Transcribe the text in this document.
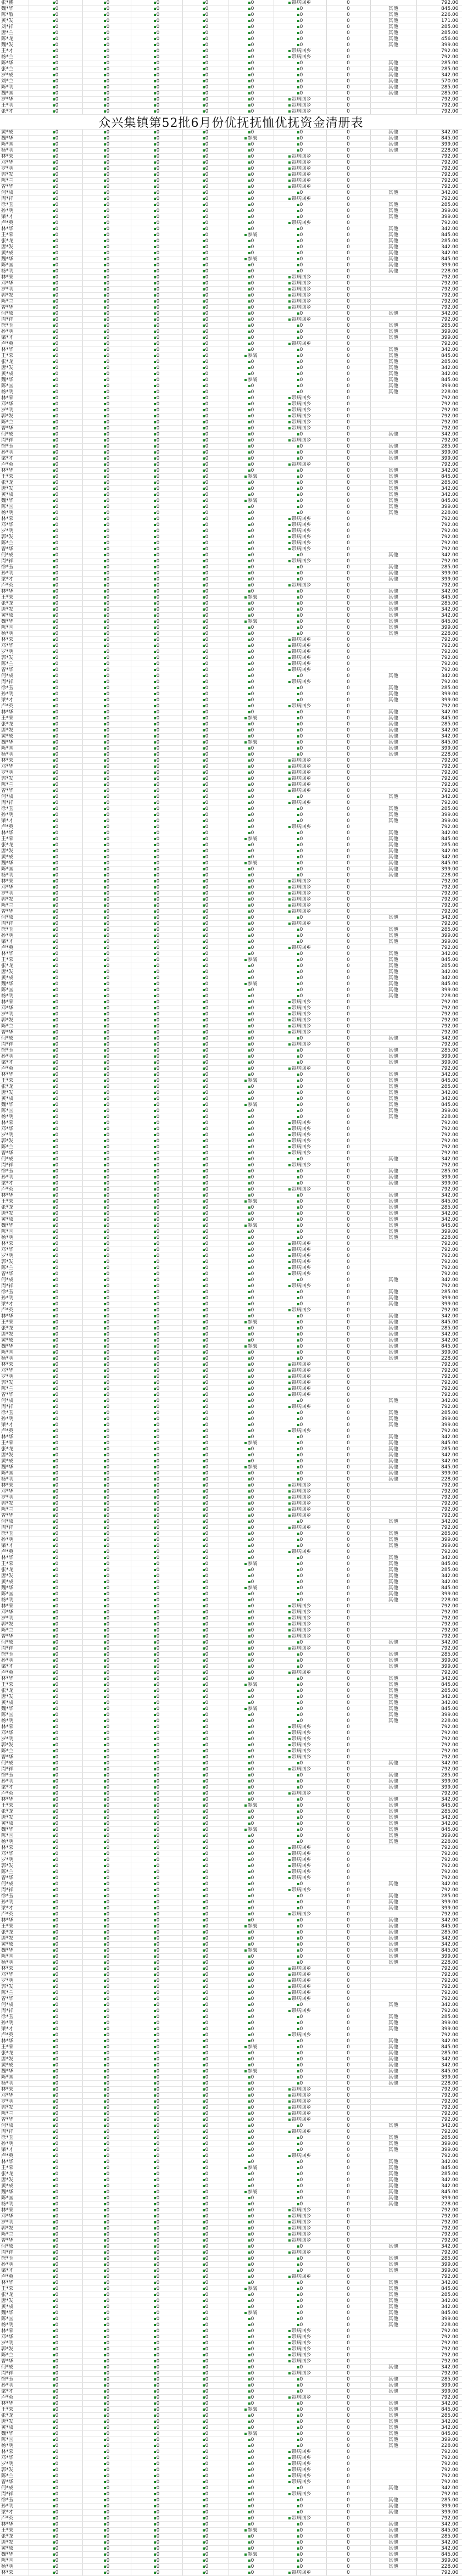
张*鹏	0	0	0	0	0	带病回乡	0		792.00
魏*华	0	0	0	0	0	0	0	其他	845.00
陈*敏	0	0	0	0	0	0	0	其他	226.00
黄*发	0	0	0	0	0	0	0	其他	171.00
刘*祥	0	0	0	0	0	0	0	其他	285.00
唐*兰	0	0	0	0	0	0	0	其他	285.00
陈*龙	0	0	0	0	0	0	0	其他	456.00
魏*发	0	0	0	0	0	0	0	其他	399.00
王*才	0	0	0	0	0	带病回乡	0		792.00
杨*兰	0	0	0	0	0	带病回乡	0		792.00
陈*华	0	0	0	0	0	0	0	其他	285.00
张*兰	0	0	0	0	0	0	0	其他	285.00
罗*成	0	0	0	0	0	0	0	其他	342.00
刘*兰	0	0	0	0	0	0	0	其他	570.00
陈*明	0	0	0	0	0	0	0	其他	285.00
魏*国	0	0	0	0	0	0	0	其他	285.00
罗*华	0	0	0	0	0	带病回乡	0		792.00
王*明	0	0	0	0	0	带病回乡	0		792.00
张*才	0	0	0	0	0	带病回乡	0		792.00
众兴集镇第52批6月份优抚抚恤优抚资金清册表
黄*成	0	0	0	0	0	0	0	其他	342.00
魏*华	0	0	0	0	参战	0	0	其他	845.00
陈*国	0	0	0	0	0	0	0	其他	399.00
杨*明	0	0	0	0	0	0	0	其他	228.00
林*荣	0	0	0	0	0	带病回乡	0		792.00
邓*华	0	0	0	0	0	带病回乡	0		792.00
罗*明	0	0	0	0	0	带病回乡	0		792.00
郭*发	0	0	0	0	0	带病回乡	0		792.00
陈*兰	0	0	0	0	0	带病回乡	0		792.00
曾*华	0	0	0	0	0	带病回乡	0		792.00
何*成	0	0	0	0	0	0	0	其他	342.00
周*祥	0	0	0	0	0	带病回乡	0		792.00
徐*玉	0	0	0	0	0	0	0	其他	285.00
孙*明	0	0	0	0	0	0	0	其他	399.00
梁*才	0	0	0	0	0	0	0	其他	399.00
卢*英	0	0	0	0	0	带病回乡	0		792.00
林*华	0	0	0	0	0	0	0	其他	342.00
王*荣	0	0	0	0	参战	0	0	其他	845.00
张*龙	0	0	0	0	0	0	0	其他	285.00
唐*发	0	0	0	0	0	0	0	其他	342.00
黄*成	0	0	0	0	0	0	0	其他	342.00
魏*华	0	0	0	0	参战	0	0	其他	845.00
陈*国	0	0	0	0	0	0	0	其他	399.00
杨*明	0	0	0	0	0	0	0	其他	228.00
林*荣	0	0	0	0	0	带病回乡	0		792.00
邓*华	0	0	0	0	0	带病回乡	0		792.00
罗*明	0	0	0	0	0	带病回乡	0		792.00
郭*发	0	0	0	0	0	带病回乡	0		792.00
陈*兰	0	0	0	0	0	带病回乡	0		792.00
曾*华	0	0	0	0	0	带病回乡	0		792.00
何*成	0	0	0	0	0	0	0	其他	342.00
周*祥	0	0	0	0	0	带病回乡	0		792.00
徐*玉	0	0	0	0	0	0	0	其他	285.00
孙*明	0	0	0	0	0	0	0	其他	399.00
梁*才	0	0	0	0	0	0	0	其他	399.00
卢*英	0	0	0	0	0	带病回乡	0		792.00
林*华	0	0	0	0	0	0	0	其他	342.00
王*荣	0	0	0	0	参战	0	0	其他	845.00
张*龙	0	0	0	0	0	0	0	其他	285.00
唐*发	0	0	0	0	0	0	0	其他	342.00
黄*成	0	0	0	0	0	0	0	其他	342.00
魏*华	0	0	0	0	参战	0	0	其他	845.00
陈*国	0	0	0	0	0	0	0	其他	399.00
杨*明	0	0	0	0	0	0	0	其他	228.00
林*荣	0	0	0	0	0	带病回乡	0		792.00
邓*华	0	0	0	0	0	带病回乡	0		792.00
罗*明	0	0	0	0	0	带病回乡	0		792.00
郭*发	0	0	0	0	0	带病回乡	0		792.00
陈*兰	0	0	0	0	0	带病回乡	0		792.00
曾*华	0	0	0	0	0	带病回乡	0		792.00
何*成	0	0	0	0	0	0	0	其他	342.00
周*祥	0	0	0	0	0	带病回乡	0		792.00
徐*玉	0	0	0	0	0	0	0	其他	285.00
孙*明	0	0	0	0	0	0	0	其他	399.00
梁*才	0	0	0	0	0	0	0	其他	399.00
卢*英	0	0	0	0	0	带病回乡	0		792.00
林*华	0	0	0	0	0	0	0	其他	342.00
王*荣	0	0	0	0	参战	0	0	其他	845.00
张*龙	0	0	0	0	0	0	0	其他	285.00
唐*发	0	0	0	0	0	0	0	其他	342.00
黄*成	0	0	0	0	0	0	0	其他	342.00
魏*华	0	0	0	0	参战	0	0	其他	845.00
陈*国	0	0	0	0	0	0	0	其他	399.00
杨*明	0	0	0	0	0	0	0	其他	228.00
林*荣	0	0	0	0	0	带病回乡	0		792.00
邓*华	0	0	0	0	0	带病回乡	0		792.00
罗*明	0	0	0	0	0	带病回乡	0		792.00
郭*发	0	0	0	0	0	带病回乡	0		792.00
陈*兰	0	0	0	0	0	带病回乡	0		792.00
曾*华	0	0	0	0	0	带病回乡	0		792.00
何*成	0	0	0	0	0	0	0	其他	342.00
周*祥	0	0	0	0	0	带病回乡	0		792.00
徐*玉	0	0	0	0	0	0	0	其他	285.00
孙*明	0	0	0	0	0	0	0	其他	399.00
梁*才	0	0	0	0	0	0	0	其他	399.00
卢*英	0	0	0	0	0	带病回乡	0		792.00
林*华	0	0	0	0	0	0	0	其他	342.00
王*荣	0	0	0	0	参战	0	0	其他	845.00
张*龙	0	0	0	0	0	0	0	其他	285.00
唐*发	0	0	0	0	0	0	0	其他	342.00
黄*成	0	0	0	0	0	0	0	其他	342.00
魏*华	0	0	0	0	参战	0	0	其他	845.00
陈*国	0	0	0	0	0	0	0	其他	399.00
杨*明	0	0	0	0	0	0	0	其他	228.00
林*荣	0	0	0	0	0	带病回乡	0		792.00
邓*华	0	0	0	0	0	带病回乡	0		792.00
罗*明	0	0	0	0	0	带病回乡	0		792.00
郭*发	0	0	0	0	0	带病回乡	0		792.00
陈*兰	0	0	0	0	0	带病回乡	0		792.00
曾*华	0	0	0	0	0	带病回乡	0		792.00
何*成	0	0	0	0	0	0	0	其他	342.00
周*祥	0	0	0	0	0	带病回乡	0		792.00
徐*玉	0	0	0	0	0	0	0	其他	285.00
孙*明	0	0	0	0	0	0	0	其他	399.00
梁*才	0	0	0	0	0	0	0	其他	399.00
卢*英	0	0	0	0	0	带病回乡	0		792.00
林*华	0	0	0	0	0	0	0	其他	342.00
王*荣	0	0	0	0	参战	0	0	其他	845.00
张*龙	0	0	0	0	0	0	0	其他	285.00
唐*发	0	0	0	0	0	0	0	其他	342.00
黄*成	0	0	0	0	0	0	0	其他	342.00
魏*华	0	0	0	0	参战	0	0	其他	845.00
陈*国	0	0	0	0	0	0	0	其他	399.00
杨*明	0	0	0	0	0	0	0	其他	228.00
林*荣	0	0	0	0	0	带病回乡	0		792.00
邓*华	0	0	0	0	0	带病回乡	0		792.00
罗*明	0	0	0	0	0	带病回乡	0		792.00
郭*发	0	0	0	0	0	带病回乡	0		792.00
陈*兰	0	0	0	0	0	带病回乡	0		792.00
曾*华	0	0	0	0	0	带病回乡	0		792.00
何*成	0	0	0	0	0	0	0	其他	342.00
周*祥	0	0	0	0	0	带病回乡	0		792.00
徐*玉	0	0	0	0	0	0	0	其他	285.00
孙*明	0	0	0	0	0	0	0	其他	399.00
梁*才	0	0	0	0	0	0	0	其他	399.00
卢*英	0	0	0	0	0	带病回乡	0		792.00
林*华	0	0	0	0	0	0	0	其他	342.00
王*荣	0	0	0	0	参战	0	0	其他	845.00
张*龙	0	0	0	0	0	0	0	其他	285.00
唐*发	0	0	0	0	0	0	0	其他	342.00
黄*成	0	0	0	0	0	0	0	其他	342.00
魏*华	0	0	0	0	参战	0	0	其他	845.00
陈*国	0	0	0	0	0	0	0	其他	399.00
杨*明	0	0	0	0	0	0	0	其他	228.00
林*荣	0	0	0	0	0	带病回乡	0		792.00
邓*华	0	0	0	0	0	带病回乡	0		792.00
罗*明	0	0	0	0	0	带病回乡	0		792.00
郭*发	0	0	0	0	0	带病回乡	0		792.00
陈*兰	0	0	0	0	0	带病回乡	0		792.00
曾*华	0	0	0	0	0	带病回乡	0		792.00
何*成	0	0	0	0	0	0	0	其他	342.00
周*祥	0	0	0	0	0	带病回乡	0		792.00
徐*玉	0	0	0	0	0	0	0	其他	285.00
孙*明	0	0	0	0	0	0	0	其他	399.00
梁*才	0	0	0	0	0	0	0	其他	399.00
卢*英	0	0	0	0	0	带病回乡	0		792.00
林*华	0	0	0	0	0	0	0	其他	342.00
王*荣	0	0	0	0	参战	0	0	其他	845.00
张*龙	0	0	0	0	0	0	0	其他	285.00
唐*发	0	0	0	0	0	0	0	其他	342.00
黄*成	0	0	0	0	0	0	0	其他	342.00
魏*华	0	0	0	0	参战	0	0	其他	845.00
陈*国	0	0	0	0	0	0	0	其他	399.00
杨*明	0	0	0	0	0	0	0	其他	228.00
林*荣	0	0	0	0	0	带病回乡	0		792.00
邓*华	0	0	0	0	0	带病回乡	0		792.00
罗*明	0	0	0	0	0	带病回乡	0		792.00
郭*发	0	0	0	0	0	带病回乡	0		792.00
陈*兰	0	0	0	0	0	带病回乡	0		792.00
曾*华	0	0	0	0	0	带病回乡	0		792.00
何*成	0	0	0	0	0	0	0	其他	342.00
周*祥	0	0	0	0	0	带病回乡	0		792.00
徐*玉	0	0	0	0	0	0	0	其他	285.00
孙*明	0	0	0	0	0	0	0	其他	399.00
梁*才	0	0	0	0	0	0	0	其他	399.00
卢*英	0	0	0	0	0	带病回乡	0		792.00
林*华	0	0	0	0	0	0	0	其他	342.00
王*荣	0	0	0	0	参战	0	0	其他	845.00
张*龙	0	0	0	0	0	0	0	其他	285.00
唐*发	0	0	0	0	0	0	0	其他	342.00
黄*成	0	0	0	0	0	0	0	其他	342.00
魏*华	0	0	0	0	参战	0	0	其他	845.00
陈*国	0	0	0	0	0	0	0	其他	399.00
杨*明	0	0	0	0	0	0	0	其他	228.00
林*荣	0	0	0	0	0	带病回乡	0		792.00
邓*华	0	0	0	0	0	带病回乡	0		792.00
罗*明	0	0	0	0	0	带病回乡	0		792.00
郭*发	0	0	0	0	0	带病回乡	0		792.00
陈*兰	0	0	0	0	0	带病回乡	0		792.00
曾*华	0	0	0	0	0	带病回乡	0		792.00
何*成	0	0	0	0	0	0	0	其他	342.00
周*祥	0	0	0	0	0	带病回乡	0		792.00
徐*玉	0	0	0	0	0	0	0	其他	285.00
孙*明	0	0	0	0	0	0	0	其他	399.00
梁*才	0	0	0	0	0	0	0	其他	399.00
卢*英	0	0	0	0	0	带病回乡	0		792.00
林*华	0	0	0	0	0	0	0	其他	342.00
王*荣	0	0	0	0	参战	0	0	其他	845.00
张*龙	0	0	0	0	0	0	0	其他	285.00
唐*发	0	0	0	0	0	0	0	其他	342.00
黄*成	0	0	0	0	0	0	0	其他	342.00
魏*华	0	0	0	0	参战	0	0	其他	845.00
陈*国	0	0	0	0	0	0	0	其他	399.00
杨*明	0	0	0	0	0	0	0	其他	228.00
林*荣	0	0	0	0	0	带病回乡	0		792.00
邓*华	0	0	0	0	0	带病回乡	0		792.00
罗*明	0	0	0	0	0	带病回乡	0		792.00
郭*发	0	0	0	0	0	带病回乡	0		792.00
陈*兰	0	0	0	0	0	带病回乡	0		792.00
曾*华	0	0	0	0	0	带病回乡	0		792.00
何*成	0	0	0	0	0	0	0	其他	342.00
周*祥	0	0	0	0	0	带病回乡	0		792.00
徐*玉	0	0	0	0	0	0	0	其他	285.00
孙*明	0	0	0	0	0	0	0	其他	399.00
梁*才	0	0	0	0	0	0	0	其他	399.00
卢*英	0	0	0	0	0	带病回乡	0		792.00
林*华	0	0	0	0	0	0	0	其他	342.00
王*荣	0	0	0	0	参战	0	0	其他	845.00
张*龙	0	0	0	0	0	0	0	其他	285.00
唐*发	0	0	0	0	0	0	0	其他	342.00
黄*成	0	0	0	0	0	0	0	其他	342.00
魏*华	0	0	0	0	参战	0	0	其他	845.00
陈*国	0	0	0	0	0	0	0	其他	399.00
杨*明	0	0	0	0	0	0	0	其他	228.00
林*荣	0	0	0	0	0	带病回乡	0		792.00
邓*华	0	0	0	0	0	带病回乡	0		792.00
罗*明	0	0	0	0	0	带病回乡	0		792.00
郭*发	0	0	0	0	0	带病回乡	0		792.00
陈*兰	0	0	0	0	0	带病回乡	0		792.00
曾*华	0	0	0	0	0	带病回乡	0		792.00
何*成	0	0	0	0	0	0	0	其他	342.00
周*祥	0	0	0	0	0	带病回乡	0		792.00
徐*玉	0	0	0	0	0	0	0	其他	285.00
孙*明	0	0	0	0	0	0	0	其他	399.00
梁*才	0	0	0	0	0	0	0	其他	399.00
卢*英	0	0	0	0	0	带病回乡	0		792.00
林*华	0	0	0	0	0	0	0	其他	342.00
王*荣	0	0	0	0	参战	0	0	其他	845.00
张*龙	0	0	0	0	0	0	0	其他	285.00
唐*发	0	0	0	0	0	0	0	其他	342.00
黄*成	0	0	0	0	0	0	0	其他	342.00
魏*华	0	0	0	0	参战	0	0	其他	845.00
陈*国	0	0	0	0	0	0	0	其他	399.00
杨*明	0	0	0	0	0	0	0	其他	228.00
林*荣	0	0	0	0	0	带病回乡	0		792.00
邓*华	0	0	0	0	0	带病回乡	0		792.00
罗*明	0	0	0	0	0	带病回乡	0		792.00
郭*发	0	0	0	0	0	带病回乡	0		792.00
陈*兰	0	0	0	0	0	带病回乡	0		792.00
曾*华	0	0	0	0	0	带病回乡	0		792.00
何*成	0	0	0	0	0	0	0	其他	342.00
周*祥	0	0	0	0	0	带病回乡	0		792.00
徐*玉	0	0	0	0	0	0	0	其他	285.00
孙*明	0	0	0	0	0	0	0	其他	399.00
梁*才	0	0	0	0	0	0	0	其他	399.00
卢*英	0	0	0	0	0	带病回乡	0		792.00
林*华	0	0	0	0	0	0	0	其他	342.00
王*荣	0	0	0	0	参战	0	0	其他	845.00
张*龙	0	0	0	0	0	0	0	其他	285.00
唐*发	0	0	0	0	0	0	0	其他	342.00
黄*成	0	0	0	0	0	0	0	其他	342.00
魏*华	0	0	0	0	参战	0	0	其他	845.00
陈*国	0	0	0	0	0	0	0	其他	399.00
杨*明	0	0	0	0	0	0	0	其他	228.00
林*荣	0	0	0	0	0	带病回乡	0		792.00
邓*华	0	0	0	0	0	带病回乡	0		792.00
罗*明	0	0	0	0	0	带病回乡	0		792.00
郭*发	0	0	0	0	0	带病回乡	0		792.00
陈*兰	0	0	0	0	0	带病回乡	0		792.00
曾*华	0	0	0	0	0	带病回乡	0		792.00
何*成	0	0	0	0	0	0	0	其他	342.00
周*祥	0	0	0	0	0	带病回乡	0		792.00
徐*玉	0	0	0	0	0	0	0	其他	285.00
孙*明	0	0	0	0	0	0	0	其他	399.00
梁*才	0	0	0	0	0	0	0	其他	399.00
卢*英	0	0	0	0	0	带病回乡	0		792.00
林*华	0	0	0	0	0	0	0	其他	342.00
王*荣	0	0	0	0	参战	0	0	其他	845.00
张*龙	0	0	0	0	0	0	0	其他	285.00
唐*发	0	0	0	0	0	0	0	其他	342.00
黄*成	0	0	0	0	0	0	0	其他	342.00
魏*华	0	0	0	0	参战	0	0	其他	845.00
陈*国	0	0	0	0	0	0	0	其他	399.00
杨*明	0	0	0	0	0	0	0	其他	228.00
林*荣	0	0	0	0	0	带病回乡	0		792.00
邓*华	0	0	0	0	0	带病回乡	0		792.00
罗*明	0	0	0	0	0	带病回乡	0		792.00
郭*发	0	0	0	0	0	带病回乡	0		792.00
陈*兰	0	0	0	0	0	带病回乡	0		792.00
曾*华	0	0	0	0	0	带病回乡	0		792.00
何*成	0	0	0	0	0	0	0	其他	342.00
周*祥	0	0	0	0	0	带病回乡	0		792.00
徐*玉	0	0	0	0	0	0	0	其他	285.00
孙*明	0	0	0	0	0	0	0	其他	399.00
梁*才	0	0	0	0	0	0	0	其他	399.00
卢*英	0	0	0	0	0	带病回乡	0		792.00
林*华	0	0	0	0	0	0	0	其他	342.00
王*荣	0	0	0	0	参战	0	0	其他	845.00
张*龙	0	0	0	0	0	0	0	其他	285.00
唐*发	0	0	0	0	0	0	0	其他	342.00
黄*成	0	0	0	0	0	0	0	其他	342.00
魏*华	0	0	0	0	参战	0	0	其他	845.00
陈*国	0	0	0	0	0	0	0	其他	399.00
杨*明	0	0	0	0	0	0	0	其他	228.00
林*荣	0	0	0	0	0	带病回乡	0		792.00
邓*华	0	0	0	0	0	带病回乡	0		792.00
罗*明	0	0	0	0	0	带病回乡	0		792.00
郭*发	0	0	0	0	0	带病回乡	0		792.00
陈*兰	0	0	0	0	0	带病回乡	0		792.00
曾*华	0	0	0	0	0	带病回乡	0		792.00
何*成	0	0	0	0	0	0	0	其他	342.00
周*祥	0	0	0	0	0	带病回乡	0		792.00
徐*玉	0	0	0	0	0	0	0	其他	285.00
孙*明	0	0	0	0	0	0	0	其他	399.00
梁*才	0	0	0	0	0	0	0	其他	399.00
卢*英	0	0	0	0	0	带病回乡	0		792.00
林*华	0	0	0	0	0	0	0	其他	342.00
王*荣	0	0	0	0	参战	0	0	其他	845.00
张*龙	0	0	0	0	0	0	0	其他	285.00
唐*发	0	0	0	0	0	0	0	其他	342.00
黄*成	0	0	0	0	0	0	0	其他	342.00
魏*华	0	0	0	0	参战	0	0	其他	845.00
陈*国	0	0	0	0	0	0	0	其他	399.00
杨*明	0	0	0	0	0	0	0	其他	228.00
林*荣	0	0	0	0	0	带病回乡	0		792.00
邓*华	0	0	0	0	0	带病回乡	0		792.00
罗*明	0	0	0	0	0	带病回乡	0		792.00
郭*发	0	0	0	0	0	带病回乡	0		792.00
陈*兰	0	0	0	0	0	带病回乡	0		792.00
曾*华	0	0	0	0	0	带病回乡	0		792.00
何*成	0	0	0	0	0	0	0	其他	342.00
周*祥	0	0	0	0	0	带病回乡	0		792.00
徐*玉	0	0	0	0	0	0	0	其他	285.00
孙*明	0	0	0	0	0	0	0	其他	399.00
梁*才	0	0	0	0	0	0	0	其他	399.00
卢*英	0	0	0	0	0	带病回乡	0		792.00
林*华	0	0	0	0	0	0	0	其他	342.00
王*荣	0	0	0	0	参战	0	0	其他	845.00
张*龙	0	0	0	0	0	0	0	其他	285.00
唐*发	0	0	0	0	0	0	0	其他	342.00
黄*成	0	0	0	0	0	0	0	其他	342.00
魏*华	0	0	0	0	参战	0	0	其他	845.00
陈*国	0	0	0	0	0	0	0	其他	399.00
杨*明	0	0	0	0	0	0	0	其他	228.00
林*荣	0	0	0	0	0	带病回乡	0		792.00
邓*华	0	0	0	0	0	带病回乡	0		792.00
罗*明	0	0	0	0	0	带病回乡	0		792.00
郭*发	0	0	0	0	0	带病回乡	0		792.00
陈*兰	0	0	0	0	0	带病回乡	0		792.00
曾*华	0	0	0	0	0	带病回乡	0		792.00
何*成	0	0	0	0	0	0	0	其他	342.00
周*祥	0	0	0	0	0	带病回乡	0		792.00
徐*玉	0	0	0	0	0	0	0	其他	285.00
孙*明	0	0	0	0	0	0	0	其他	399.00
梁*才	0	0	0	0	0	0	0	其他	399.00
卢*英	0	0	0	0	0	带病回乡	0		792.00
林*华	0	0	0	0	0	0	0	其他	342.00
王*荣	0	0	0	0	参战	0	0	其他	845.00
张*龙	0	0	0	0	0	0	0	其他	285.00
唐*发	0	0	0	0	0	0	0	其他	342.00
黄*成	0	0	0	0	0	0	0	其他	342.00
魏*华	0	0	0	0	参战	0	0	其他	845.00
陈*国	0	0	0	0	0	0	0	其他	399.00
杨*明	0	0	0	0	0	0	0	其他	228.00
林*荣	0	0	0	0	0	带病回乡	0		792.00
邓*华	0	0	0	0	0	带病回乡	0		792.00
罗*明	0	0	0	0	0	带病回乡	0		792.00
郭*发	0	0	0	0	0	带病回乡	0		792.00
陈*兰	0	0	0	0	0	带病回乡	0		792.00
曾*华	0	0	0	0	0	带病回乡	0		792.00
何*成	0	0	0	0	0	0	0	其他	342.00
周*祥	0	0	0	0	0	带病回乡	0		792.00
徐*玉	0	0	0	0	0	0	0	其他	285.00
孙*明	0	0	0	0	0	0	0	其他	399.00
梁*才	0	0	0	0	0	0	0	其他	399.00
卢*英	0	0	0	0	0	带病回乡	0		792.00
林*华	0	0	0	0	0	0	0	其他	342.00
王*荣	0	0	0	0	参战	0	0	其他	845.00
张*龙	0	0	0	0	0	0	0	其他	285.00
唐*发	0	0	0	0	0	0	0	其他	342.00
黄*成	0	0	0	0	0	0	0	其他	342.00
魏*华	0	0	0	0	参战	0	0	其他	845.00
陈*国	0	0	0	0	0	0	0	其他	399.00
杨*明	0	0	0	0	0	0	0	其他	228.00
林*荣	0	0	0	0	0	带病回乡	0		792.00
邓*华	0	0	0	0	0	带病回乡	0		792.00
罗*明	0	0	0	0	0	带病回乡	0		792.00
郭*发	0	0	0	0	0	带病回乡	0		792.00
陈*兰	0	0	0	0	0	带病回乡	0		792.00
曾*华	0	0	0	0	0	带病回乡	0		792.00
何*成	0	0	0	0	0	0	0	其他	342.00
周*祥	0	0	0	0	0	带病回乡	0		792.00
徐*玉	0	0	0	0	0	0	0	其他	285.00
孙*明	0	0	0	0	0	0	0	其他	399.00
梁*才	0	0	0	0	0	0	0	其他	399.00
卢*英	0	0	0	0	0	带病回乡	0		792.00
林*华	0	0	0	0	0	0	0	其他	342.00
王*荣	0	0	0	0	参战	0	0	其他	845.00
张*龙	0	0	0	0	0	0	0	其他	285.00
唐*发	0	0	0	0	0	0	0	其他	342.00
黄*成	0	0	0	0	0	0	0	其他	342.00
魏*华	0	0	0	0	参战	0	0	其他	845.00
陈*国	0	0	0	0	0	0	0	其他	399.00
杨*明	0	0	0	0	0	0	0	其他	228.00
林*荣	0	0	0	0	0	带病回乡	0		792.00
邓*华	0	0	0	0	0	带病回乡	0		792.00
罗*明	0	0	0	0	0	带病回乡	0		792.00
郭*发	0	0	0	0	0	带病回乡	0		792.00
陈*兰	0	0	0	0	0	带病回乡	0		792.00
曾*华	0	0	0	0	0	带病回乡	0		792.00
何*成	0	0	0	0	0	0	0	其他	342.00
周*祥	0	0	0	0	0	带病回乡	0		792.00
徐*玉	0	0	0	0	0	0	0	其他	285.00
孙*明	0	0	0	0	0	0	0	其他	399.00
梁*才	0	0	0	0	0	0	0	其他	399.00
卢*英	0	0	0	0	0	带病回乡	0		792.00
林*华	0	0	0	0	0	0	0	其他	342.00
王*荣	0	0	0	0	参战	0	0	其他	845.00
张*龙	0	0	0	0	0	0	0	其他	285.00
唐*发	0	0	0	0	0	0	0	其他	342.00
黄*成	0	0	0	0	0	0	0	其他	342.00
魏*华	0	0	0	0	参战	0	0	其他	845.00
陈*国	0	0	0	0	0	0	0	其他	399.00
杨*明	0	0	0	0	0	0	0	其他	228.00
林*荣	0	0	0	0	0	带病回乡	0		792.00
